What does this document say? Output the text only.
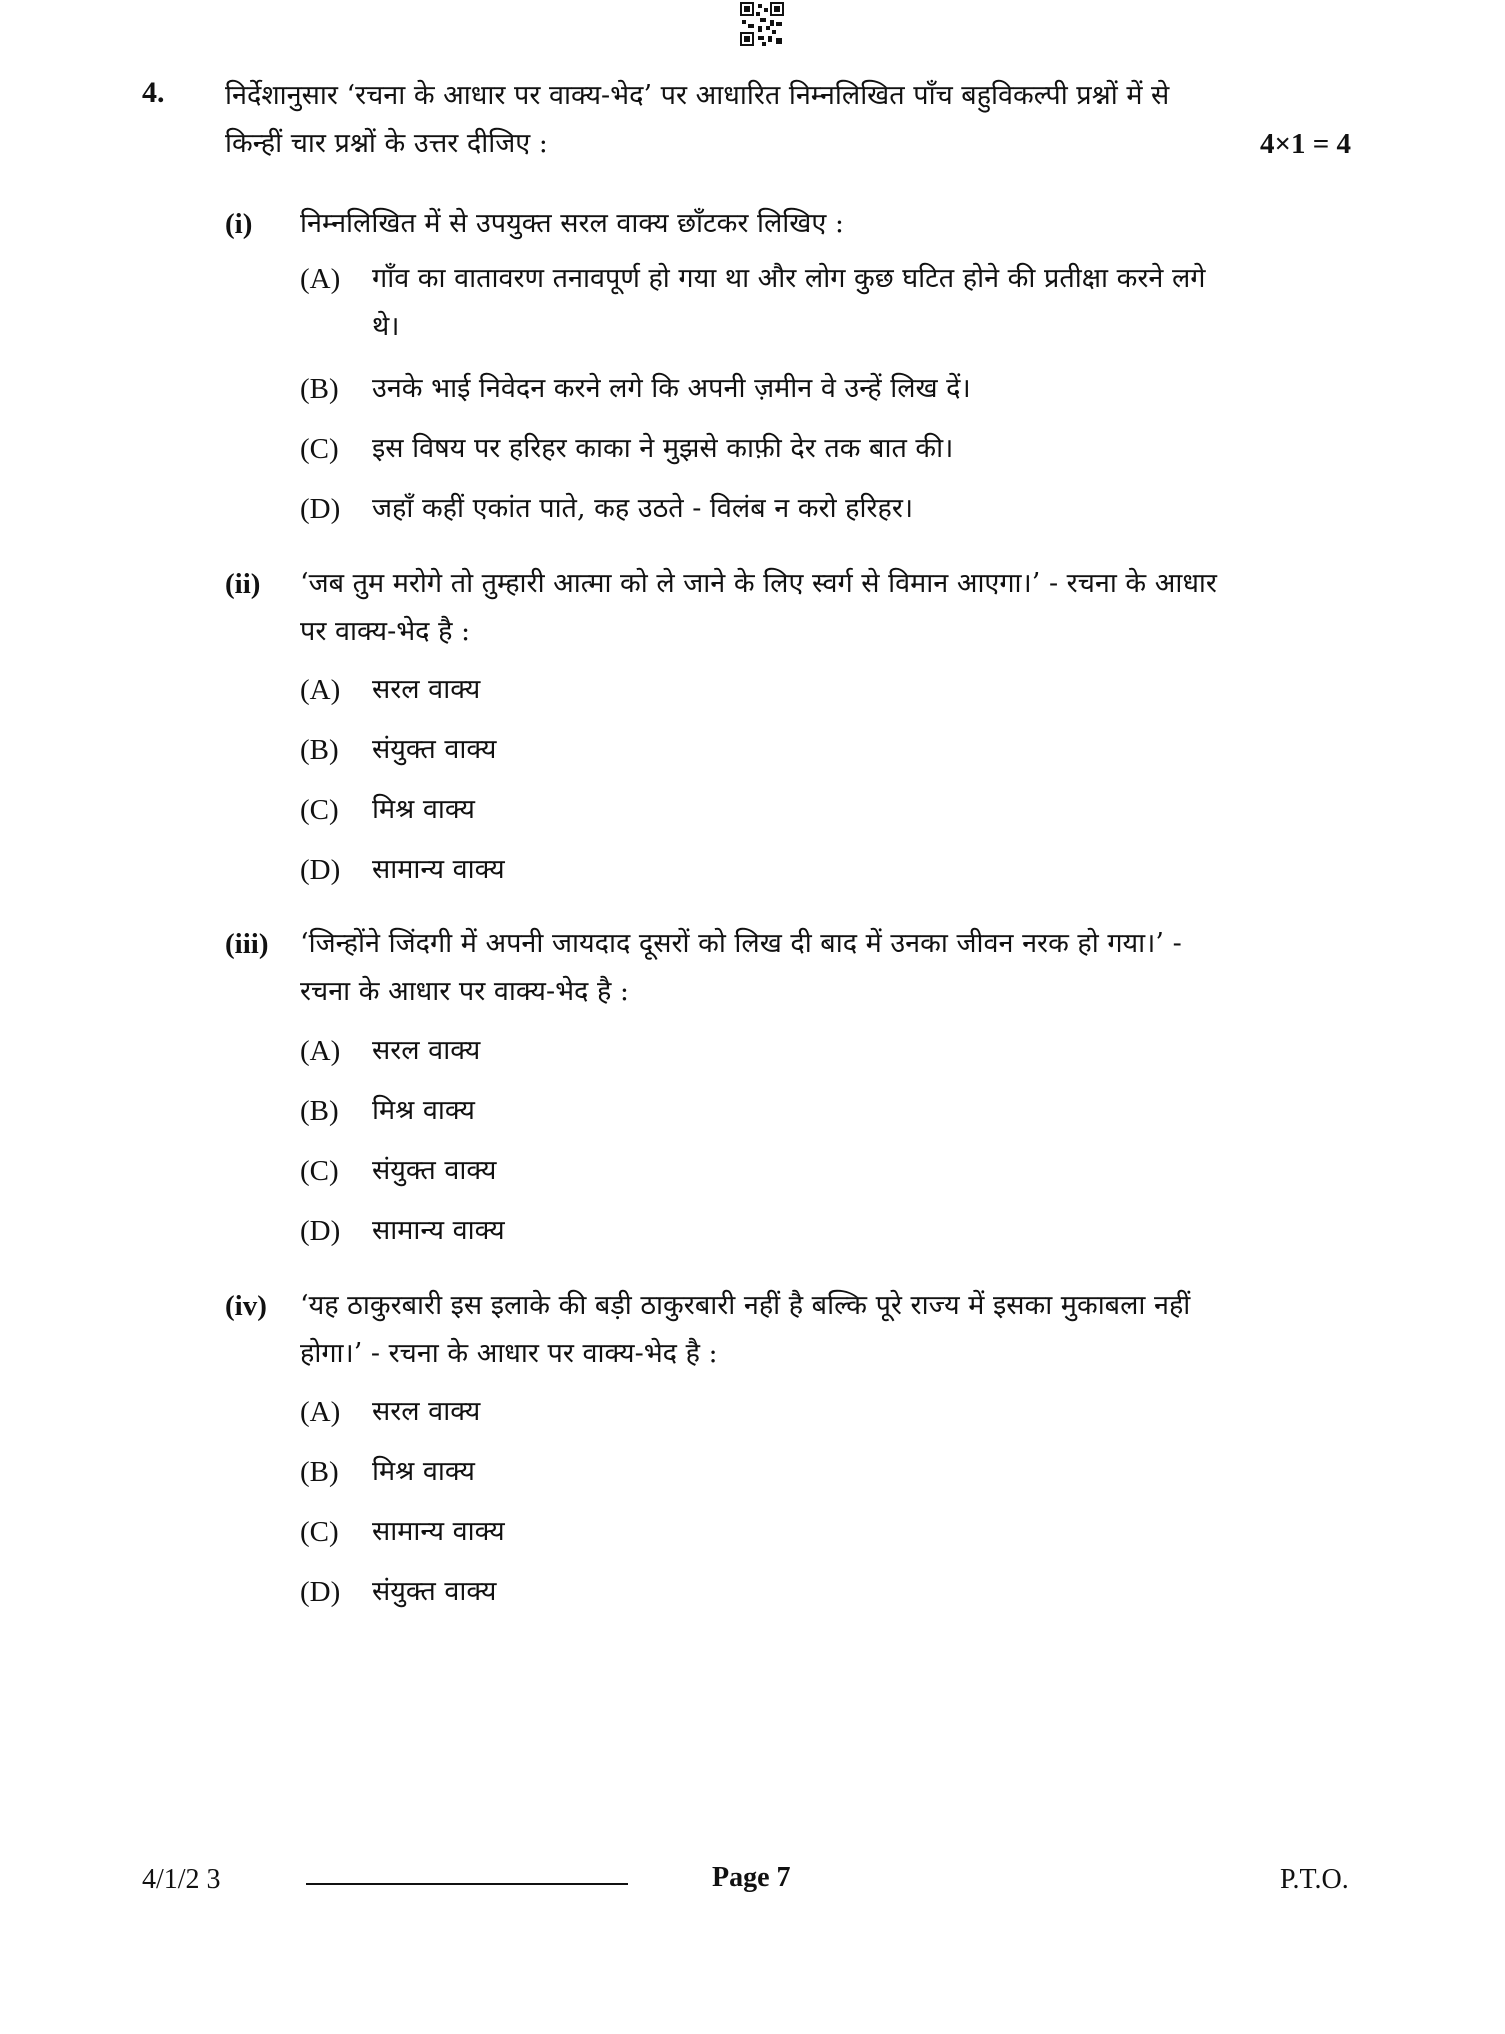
4. निर्देशानुसार ‘रचना के आधार पर वाक्य-भेद’ पर आधारित निम्नलिखित पाँच बहुविकल्पी प्रश्नों में से किन्हीं चार प्रश्नों के उत्तर दीजिए :	4×1 = 4
(i) निम्नलिखित में से उपयुक्त सरल वाक्य छाँटकर लिखिए :
(A) गाँव का वातावरण तनावपूर्ण हो गया था और लोग कुछ घटित होने की प्रतीक्षा करने लगे थे।
(B) उनके भाई निवेदन करने लगे कि अपनी ज़मीन वे उन्हें लिख दें।
(C) इस विषय पर हरिहर काका ने मुझसे काफ़ी देर तक बात की।
(D) जहाँ कहीं एकांत पाते, कह उठते - विलंब न करो हरिहर।
(ii) ‘जब तुम मरोगे तो तुम्हारी आत्मा को ले जाने के लिए स्वर्ग से विमान आएगा।’ - रचना के आधार पर वाक्य-भेद है :
(A) सरल वाक्य
(B) संयुक्त वाक्य
(C) मिश्र वाक्य
(D) सामान्य वाक्य
(iii) ‘जिन्होंने जिंदगी में अपनी जायदाद दूसरों को लिख दी बाद में उनका जीवन नरक हो गया।’ - रचना के आधार पर वाक्य-भेद है :
(A) सरल वाक्य
(B) मिश्र वाक्य
(C) संयुक्त वाक्य
(D) सामान्य वाक्य
(iv) ‘यह ठाकुरबारी इस इलाके की बड़ी ठाकुरबारी नहीं है बल्कि पूरे राज्य में इसका मुकाबला नहीं होगा।’ - रचना के आधार पर वाक्य-भेद है :
(A) सरल वाक्य
(B) मिश्र वाक्य
(C) सामान्य वाक्य
(D) संयुक्त वाक्य
4/1/2 3	Page 7	P.T.O.
